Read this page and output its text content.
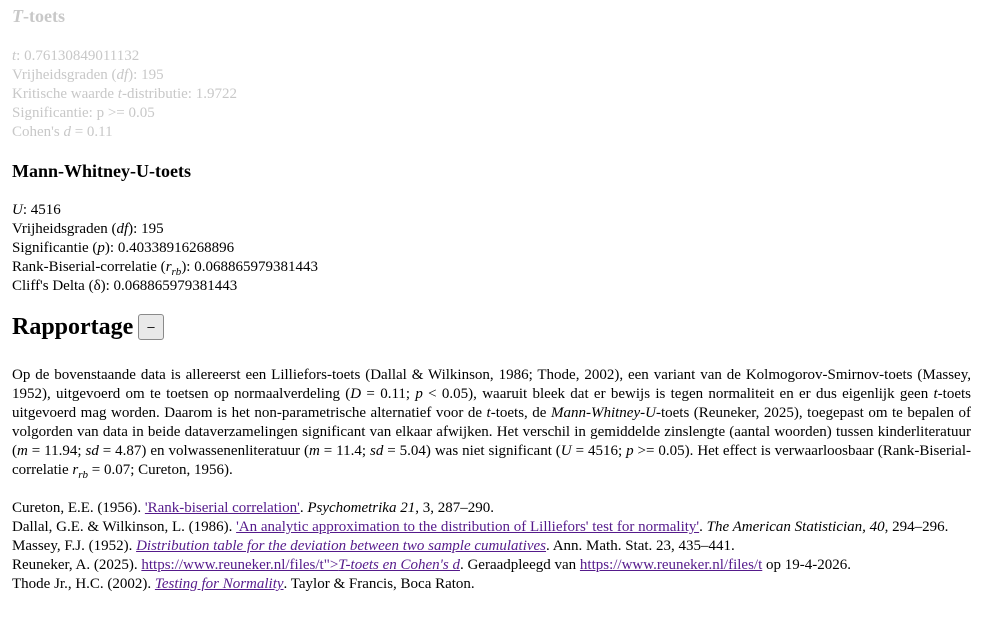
T-toets

t: 0.76130849011132

Vrijheidsgraden (df): 195

Kritische waarde t-distributie: 1.9722

Significantie: p >= 0.05

Cohen's d = 0.11

Mann-Whitney-U-toets

U: 4516

Vrijheidsgraden (df): 195

Significantie (p): 0.40338916268896

Rank-Biserial-correlatie $(r_{rb})$: 0.068865979381443

Cliff's Delta (δ): 0.068865979381443

Rapportage	–

Op de bovenstaande data is allereerst een Lilliefors-toets (Dallal & Wilkinson, 1986; Thode, 2002), een variant van de Kolmogorov-Smirnov-toets (Massey, 1952), uitgevoerd om te toetsen op normaalverdeling (D = 0.11; p < 0.05), waaruit bleek dat er bewijs is tegen normaliteit en er dus eigenlijk geen t-toets uitgevoerd mag worden. Daarom is het non-parametrische alternatief voor de t-toets, de Mann-Whitney-U-toets (Reuneker, 2025), toegepast om te bepalen of volgorden van data in beide dataverzamelingen significant van elkaar afwijken. Het verschil in gemiddelde zinslengte (aantal woorden) tussen kinderliteratuur (m = 11.94; sd = 4.87) en volwassenenliteratuur (m = 11.4; sd = 5.04) was niet significant (U = 4516; p >= 0.05). Het effect is verwaarloosbaar (Rank-Biserial-correlatie $r_{rb} = 0.07$; Cureton, 1956).

Cureton, E.E. (1956). 'Rank-biserial correlation'. Psychometrika 21, 3, 287–290.

Dallal, G.E. & Wilkinson, L. (1986). 'An analytic approximation to the distribution of Lilliefors' test for normality'. The American Statistician, 40, 294–296.

Massey, F.J. (1952). Distribution table for the deviation between two sample cumulatives. Ann. Math. Stat. 23, 435–441.

Reuneker, A. (2025). https://www.reuneker.nl/files/t">T-toets en Cohen's d. Geraadpleegd van https://www.reuneker.nl/files/t op 19-4-2026.

Thode Jr., H.C. (2002). Testing for Normality. Taylor & Francis, Boca Raton.
